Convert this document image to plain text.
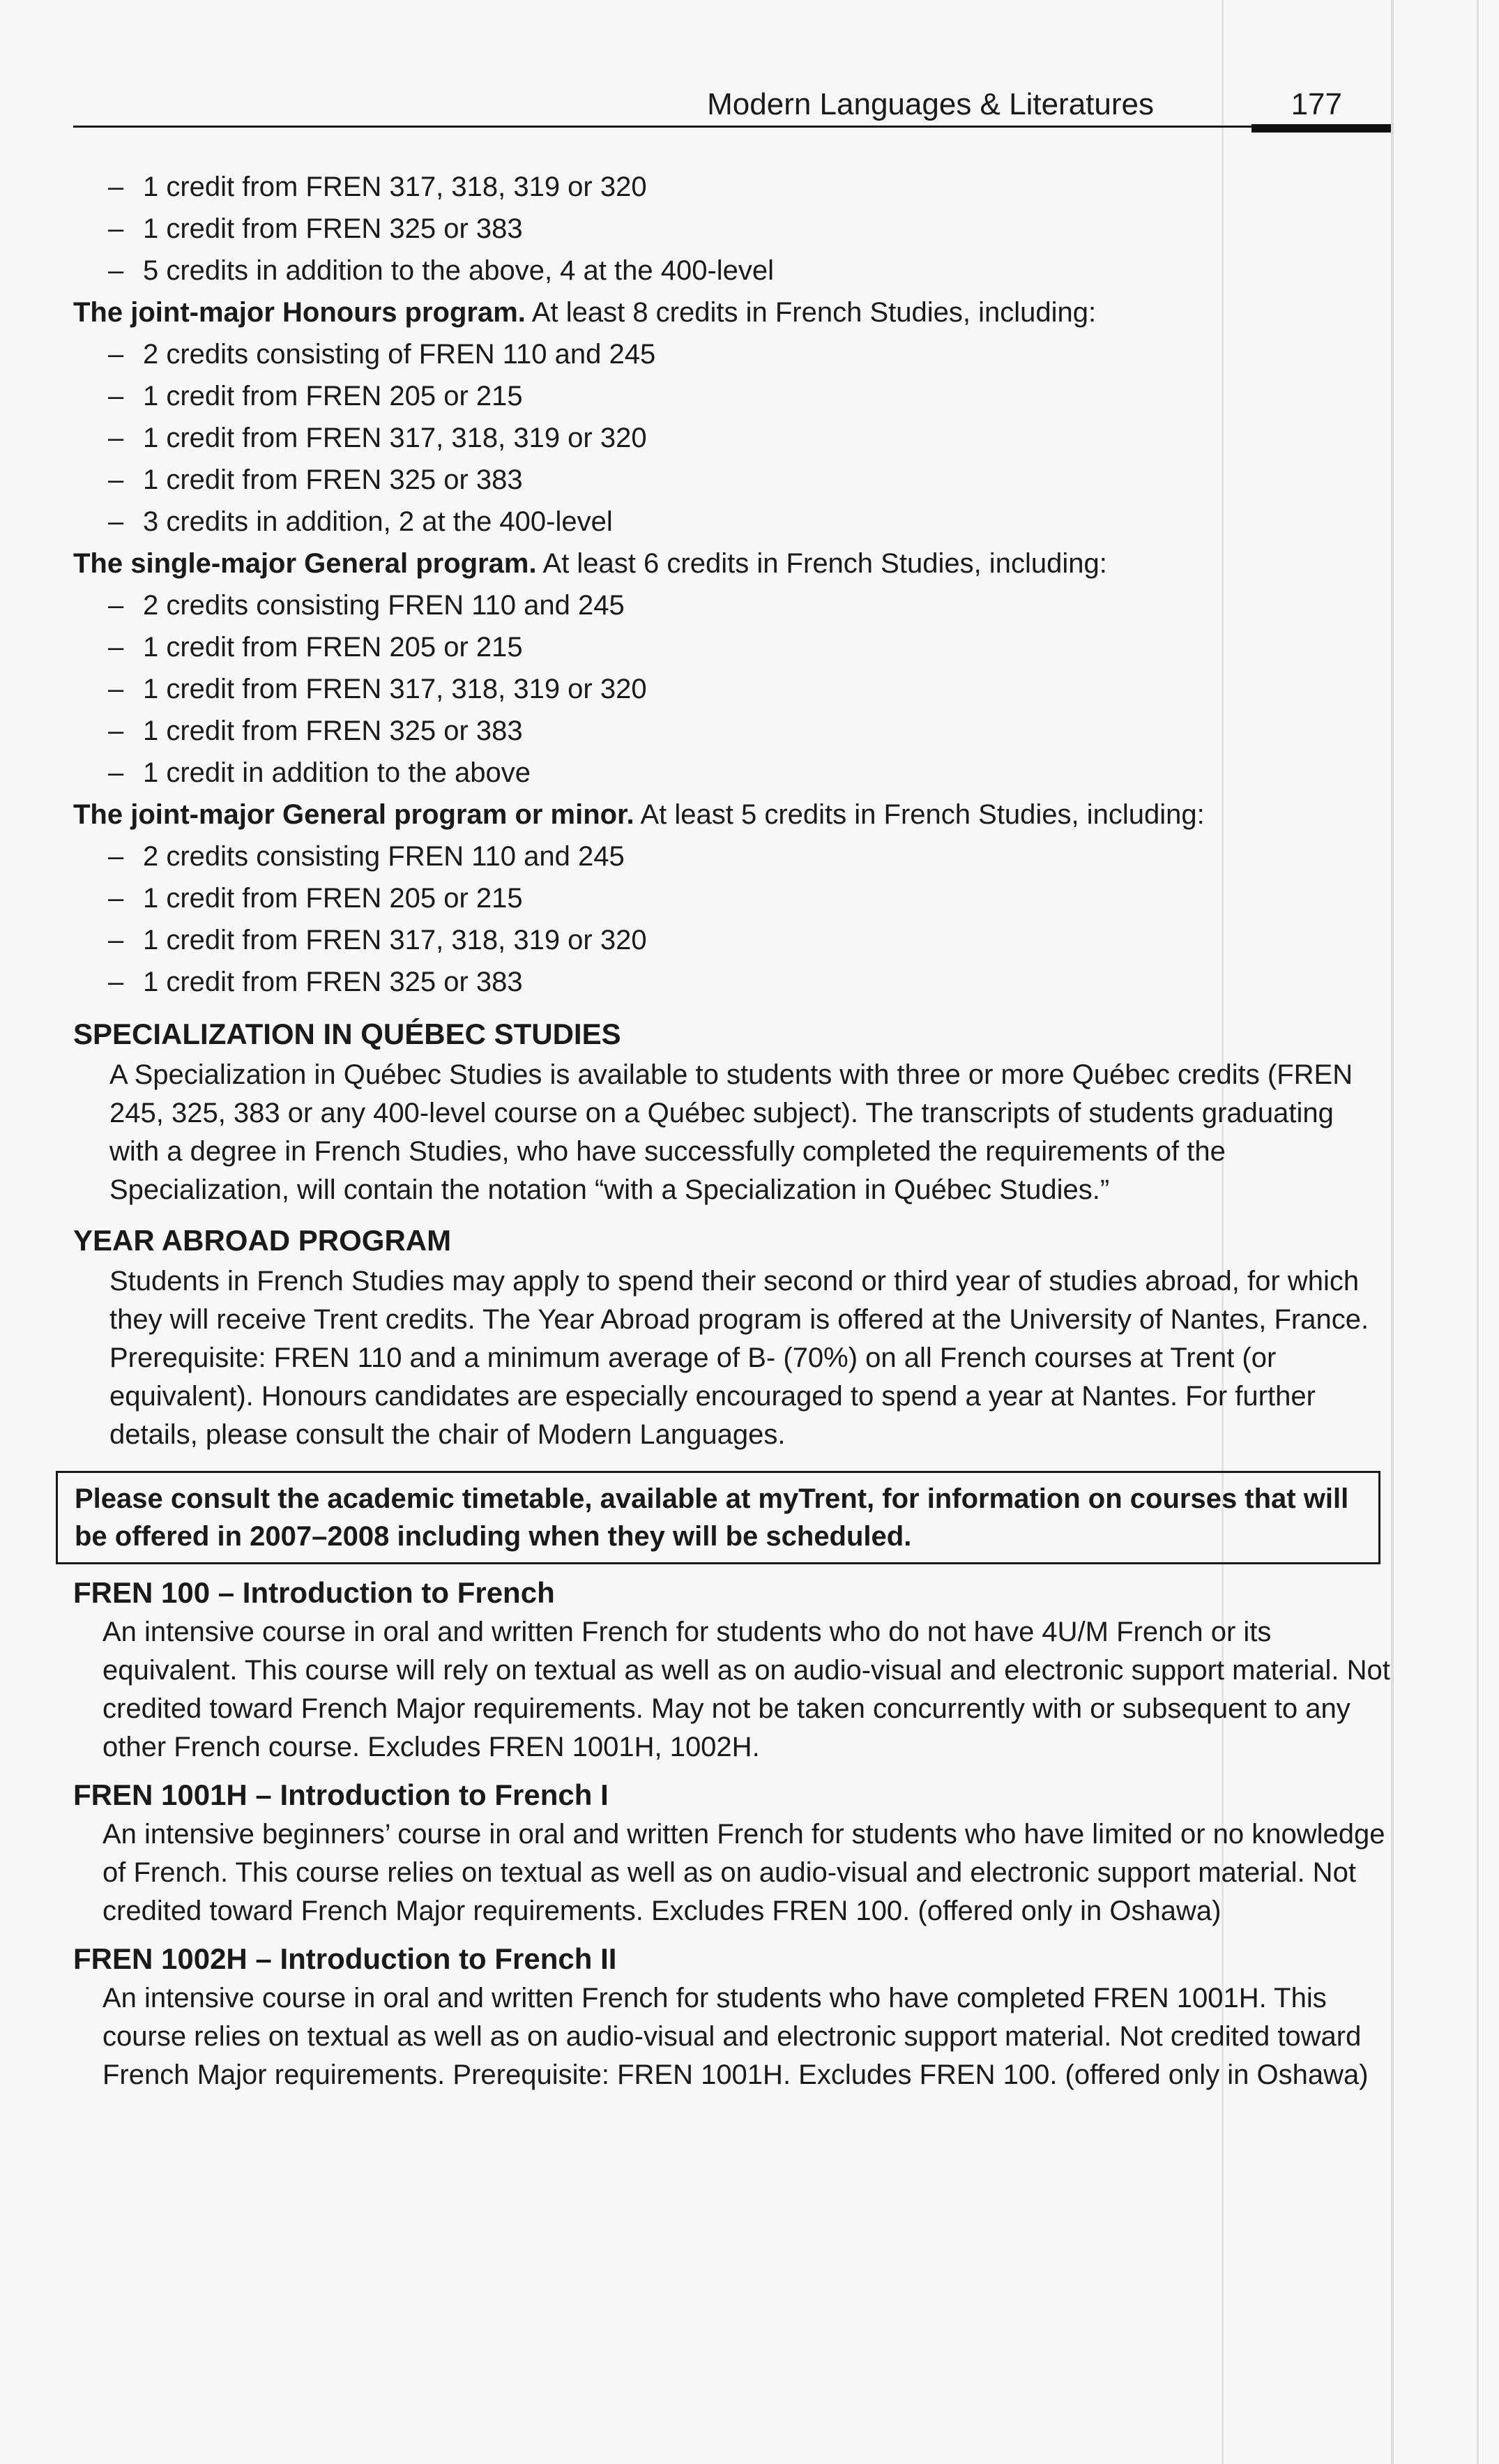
Modern Languages & Literatures	177
– 1 credit from FREN 317, 318, 319 or 320
– 1 credit from FREN 325 or 383
– 5 credits in addition to the above, 4 at the 400-level
The joint-major Honours program. At least 8 credits in French Studies, including:
– 2 credits consisting of FREN 110 and 245
– 1 credit from FREN 205 or 215
– 1 credit from FREN 317, 318, 319 or 320
– 1 credit from FREN 325 or 383
– 3 credits in addition, 2 at the 400-level
The single-major General program. At least 6 credits in French Studies, including:
– 2 credits consisting FREN 110 and 245
– 1 credit from FREN 205 or 215
– 1 credit from FREN 317, 318, 319 or 320
– 1 credit from FREN 325 or 383
– 1 credit in addition to the above
The joint-major General program or minor. At least 5 credits in French Studies, including:
– 2 credits consisting FREN 110 and 245
– 1 credit from FREN 205 or 215
– 1 credit from FREN 317, 318, 319 or 320
– 1 credit from FREN 325 or 383
SPECIALIZATION IN QUÉBEC STUDIES
A Specialization in Québec Studies is available to students with three or more Québec credits (FREN 245, 325, 383 or any 400-level course on a Québec subject). The transcripts of students graduating with a degree in French Studies, who have successfully completed the requirements of the Specialization, will contain the notation “with a Specialization in Québec Studies.”
YEAR ABROAD PROGRAM
Students in French Studies may apply to spend their second or third year of studies abroad, for which they will receive Trent credits. The Year Abroad program is offered at the University of Nantes, France. Prerequisite: FREN 110 and a minimum average of B- (70%) on all French courses at Trent (or equivalent). Honours candidates are especially encouraged to spend a year at Nantes. For further details, please consult the chair of Modern Languages.
Please consult the academic timetable, available at myTrent, for information on courses that will be offered in 2007–2008 including when they will be scheduled.
FREN 100 – Introduction to French
An intensive course in oral and written French for students who do not have 4U/M French or its equivalent. This course will rely on textual as well as on audio-visual and electronic support material. Not credited toward French Major requirements. May not be taken concurrently with or subsequent to any other French course. Excludes FREN 1001H, 1002H.
FREN 1001H – Introduction to French I
An intensive beginners’ course in oral and written French for students who have limited or no knowledge of French. This course relies on textual as well as on audio-visual and electronic support material. Not credited toward French Major requirements. Excludes FREN 100. (offered only in Oshawa)
FREN 1002H – Introduction to French II
An intensive course in oral and written French for students who have completed FREN 1001H. This course relies on textual as well as on audio-visual and electronic support material. Not credited toward French Major requirements. Prerequisite: FREN 1001H. Excludes FREN 100. (offered only in Oshawa)
